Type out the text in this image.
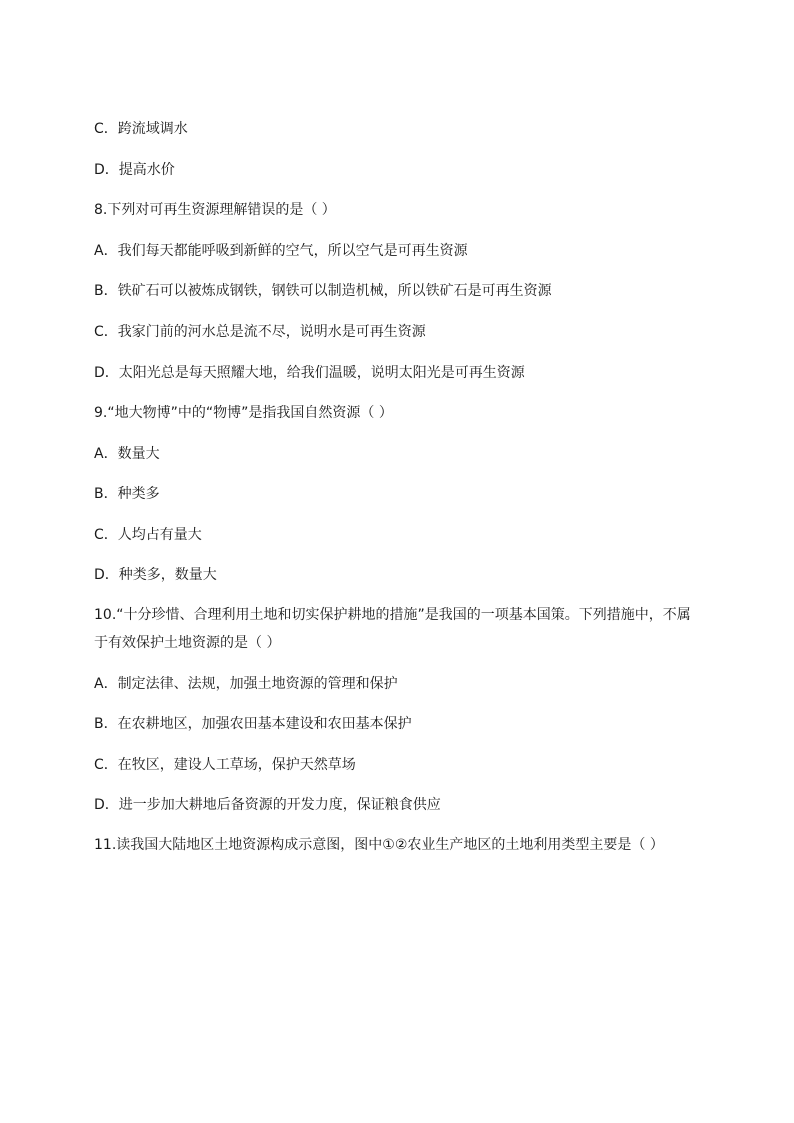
C．跨流域调水
D．提高水价
8.下列对可再生资源理解错误的是（ ）
A．我们每天都能呼吸到新鲜的空气，所以空气是可再生资源
B．铁矿石可以被炼成钢铁，钢铁可以制造机械，所以铁矿石是可再生资源
C．我家门前的河水总是流不尽，说明水是可再生资源
D．太阳光总是每天照耀大地，给我们温暖，说明太阳光是可再生资源
9.“地大物博”中的“物博”是指我国自然资源（ ）
A．数量大
B．种类多
C．人均占有量大
D．种类多，数量大
10.“十分珍惜、合理利用土地和切实保护耕地的措施”是我国的一项基本国策。下列措施中，不属
于有效保护土地资源的是（ ）
A．制定法律、法规，加强土地资源的管理和保护
B．在农耕地区，加强农田基本建设和农田基本保护
C．在牧区，建设人工草场，保护天然草场
D．进一步加大耕地后备资源的开发力度，保证粮食供应
11.读我国大陆地区土地资源构成示意图，图中①②农业生产地区的土地利用类型主要是（ ）
